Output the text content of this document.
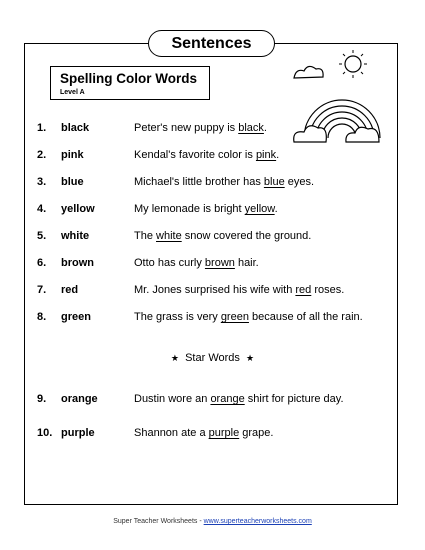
Sentences
Spelling Color Words
Level A
1. black	Peter's new puppy is black.
2. pink	Kendal's favorite color is pink.
3. blue	Michael's little brother has blue eyes.
4. yellow	My lemonade is bright yellow.
5. white	The white snow covered the ground.
6. brown	Otto has curly brown hair.
7. red	Mr. Jones surprised his wife with red roses.
8. green	The grass is very green because of all the rain.
★ Star Words ★
9. orange	Dustin wore an orange shirt for picture day.
10. purple	Shannon ate a purple grape.
Super Teacher Worksheets - www.superteacherworksheets.com
